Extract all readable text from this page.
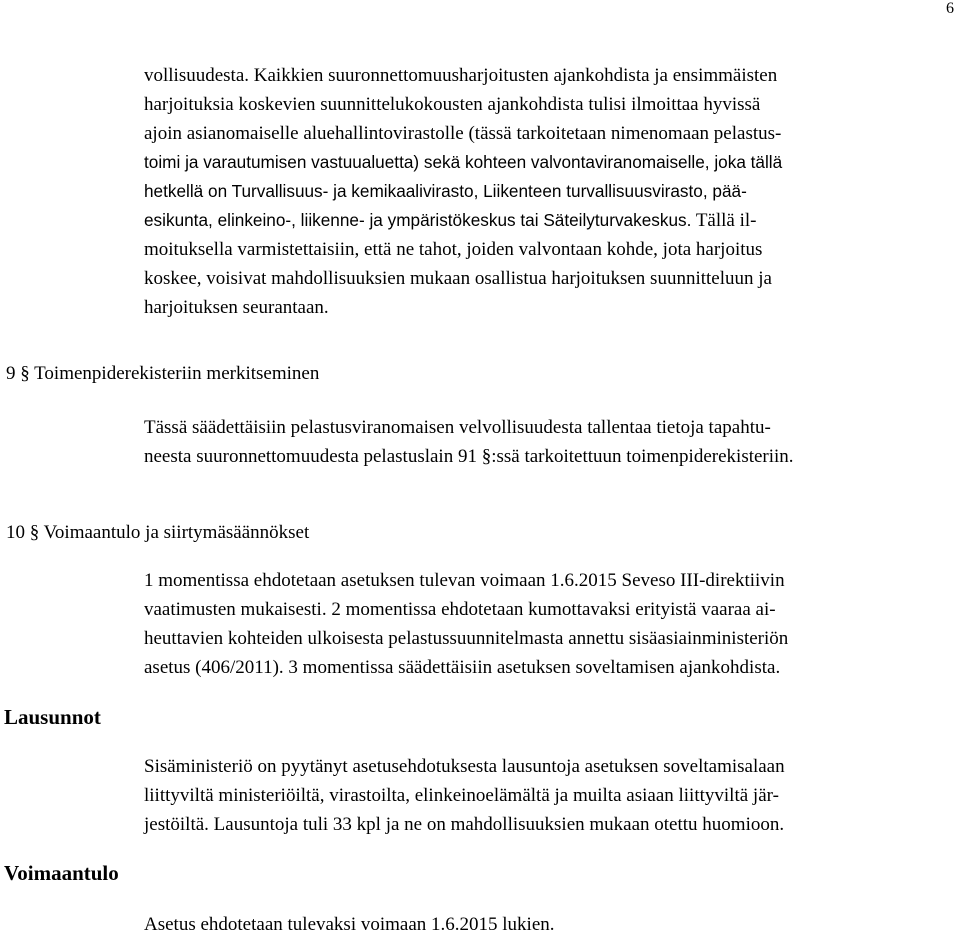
6
vollisuudesta. Kaikkien suuronnettomuusharjoitusten ajankohdista ja ensimmäisten
harjoituksia koskevien suunnittelukokousten ajankohdista tulisi ilmoittaa hyvissä
ajoin asianomaiselle aluehallintovirastolle (tässä tarkoitetaan nimenomaan pelastus-
toimi ja varautumisen vastuualuetta) sekä kohteen valvontaviranomaiselle, joka tällä
hetkellä on Turvallisuus- ja kemikaalivirasto, Liikenteen turvallisuusvirasto, pää-
esikunta, elinkeino-, liikenne- ja ympäristökeskus tai Säteilyturvakeskus. Tällä il-
moituksella varmistettaisiin, että ne tahot, joiden valvontaan kohde, jota harjoitus
koskee, voisivat mahdollisuuksien mukaan osallistua harjoituksen suunnitteluun ja
harjoituksen seurantaan.
9 § Toimenpiderekisteriin merkitseminen
Tässä säädettäisiin pelastusviranomaisen velvollisuudesta tallentaa tietoja tapahtu-
neesta suuronnettomuudesta pelastuslain 91 §:ssä tarkoitettuun toimenpiderekisteriin.
10 § Voimaantulo ja siirtymäsäännökset
1 momentissa ehdotetaan asetuksen tulevan voimaan 1.6.2015 Seveso III-direktiivin
vaatimusten mukaisesti. 2 momentissa ehdotetaan kumottavaksi erityistä vaaraa ai-
heuttavien kohteiden ulkoisesta pelastussuunnitelmasta annettu sisäasiainministeriön
asetus (406/2011). 3 momentissa säädettäisiin asetuksen soveltamisen ajankohdista.
Lausunnot
Sisäministeriö on pyytänyt asetusehdotuksesta lausuntoja asetuksen soveltamisalaan
liittyviltä ministeriöiltä, virastoilta, elinkeinoelämältä ja muilta asiaan liittyviltä jär-
jestöiltä. Lausuntoja tuli 33 kpl ja ne on mahdollisuuksien mukaan otettu huomioon.
Voimaantulo
Asetus ehdotetaan tulevaksi voimaan 1.6.2015 lukien.
